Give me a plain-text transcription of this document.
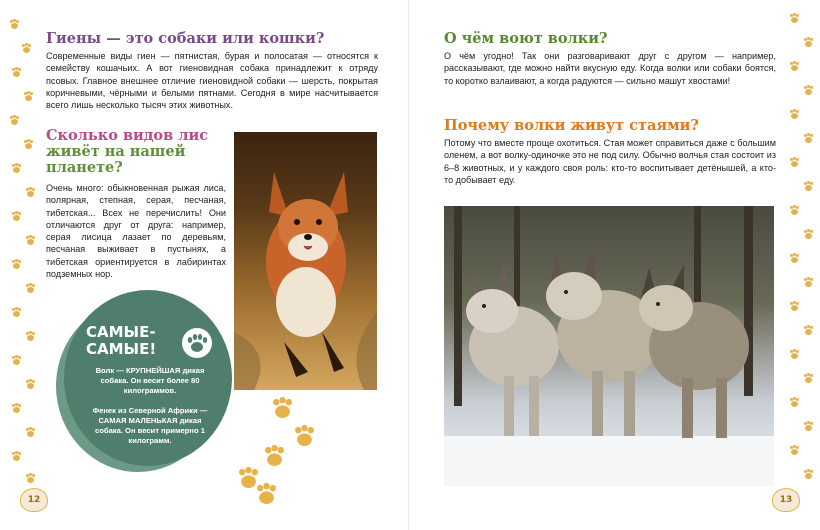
Гиены — это собаки или кошки?

Современные виды гиен — пятнистая, бурая и полосатая — относятся к семейству кошачьих. А вот гиеновидная собака принадлежит к отряду псовых. Главное внешнее отличие гиеновидной собаки — шерсть, покрытая коричневыми, чёрными и белыми пятнами. Сегодня в мире насчитывается всего лишь несколько тысяч этих животных.

Сколько видов лис
живёт на нашей
планете?

Очень много: обыкновенная рыжая лиса, полярная, степная, серая, песчаная, тибетская... Всех не перечислить! Они отличаются друг от друга: например, серая лисица лазает по деревьям, песчаная выживает в пустынях, а тибетская ориентируется в лабиринтах подземных нор.

САМЫЕ-
САМЫЕ!
Волк — КРУПНЕЙШАЯ дикая собака. Он весит более 80 килограммов.
Фенек из Северной Африки — САМАЯ МАЛЕНЬКАЯ дикая собака. Он весит примерно 1 килограмм.
12
О чём воют волки?

О чём угодно! Так они разговаривают друг с другом — например, рассказывают, где можно найти вкусную еду. Когда волки или собаки боятся, то коротко взлаивают, а когда радуются — сильно машут хвостами!

Почему волки живут стаями?

Потому что вместе проще охотиться. Стая может справиться даже с большим оленем, а вот волку-одиночке это не под силу. Обычно волчья стая состоит из 6–8 животных, и у каждого своя роль: кто-то воспитывает детёнышей, а кто-то добывает еду.

13
